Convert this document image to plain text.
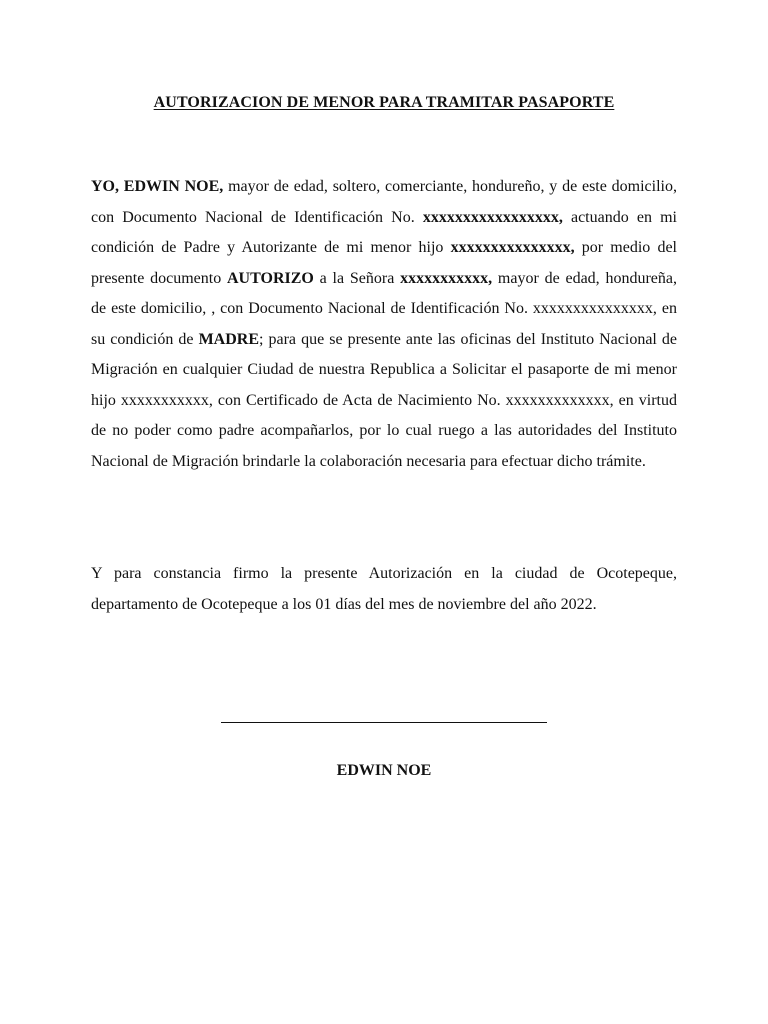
AUTORIZACION DE MENOR PARA TRAMITAR PASAPORTE

YO, EDWIN NOE, mayor de edad, soltero, comerciante, hondureño, y de este domicilio, con Documento Nacional de Identificación No. xxxxxxxxxxxxxxxxx, actuando en mi condición de Padre y Autorizante de mi menor hijo xxxxxxxxxxxxxxx, por medio del presente documento AUTORIZO a la Señora xxxxxxxxxxx, mayor de edad, hondureña, de este domicilio, , con Documento Nacional de Identificación No. xxxxxxxxxxxxxxx, en su condición de MADRE; para que se presente ante las oficinas del Instituto Nacional de Migración en cualquier Ciudad de nuestra Republica a Solicitar el pasaporte de mi menor hijo xxxxxxxxxxx, con Certificado de Acta de Nacimiento No. xxxxxxxxxxxxx, en virtud de no poder como padre acompañarlos, por lo cual ruego a las autoridades del Instituto Nacional de Migración brindarle la colaboración necesaria para efectuar dicho trámite.

Y para constancia firmo la presente Autorización en la ciudad de Ocotepeque, departamento de Ocotepeque a los 01 días del mes de noviembre del año 2022.

EDWIN NOE
